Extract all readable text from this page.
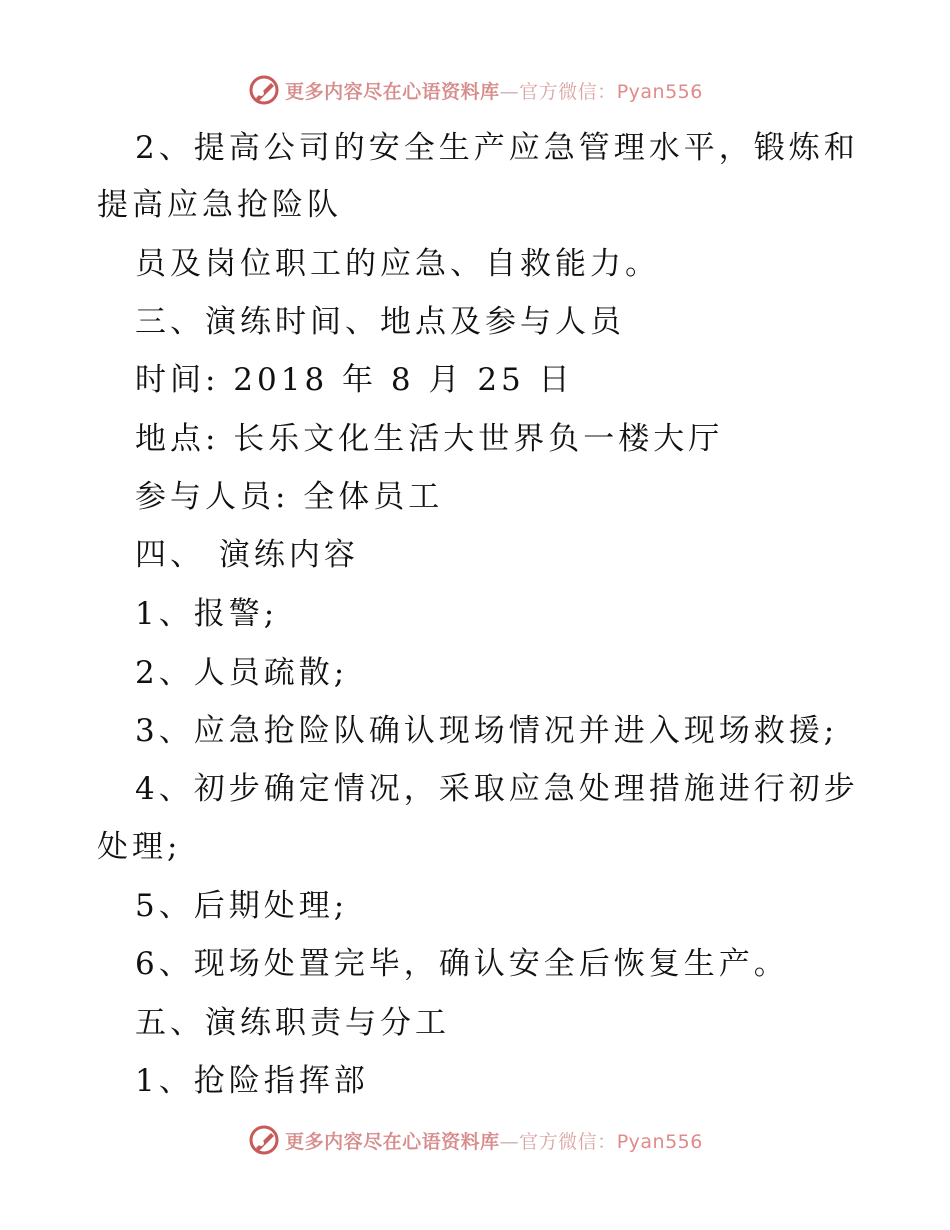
更多内容尽在心语资料库—官方微信：Pyan556
2、提高公司的安全生产应急管理水平，锻炼和
提高应急抢险队
员及岗位职工的应急、自救能力。
三、演练时间、地点及参与人员
时间: 2018 年 8 月 25 日
地点: 长乐文化生活大世界负一楼大厅
参与人员: 全体员工
四、 演练内容
1、报警;
2、人员疏散;
3、应急抢险队确认现场情况并进入现场救援;
4、初步确定情况，采取应急处理措施进行初步
处理;
5、后期处理;
6、现场处置完毕，确认安全后恢复生产。
五、演练职责与分工
1、抢险指挥部
更多内容尽在心语资料库—官方微信：Pyan556
